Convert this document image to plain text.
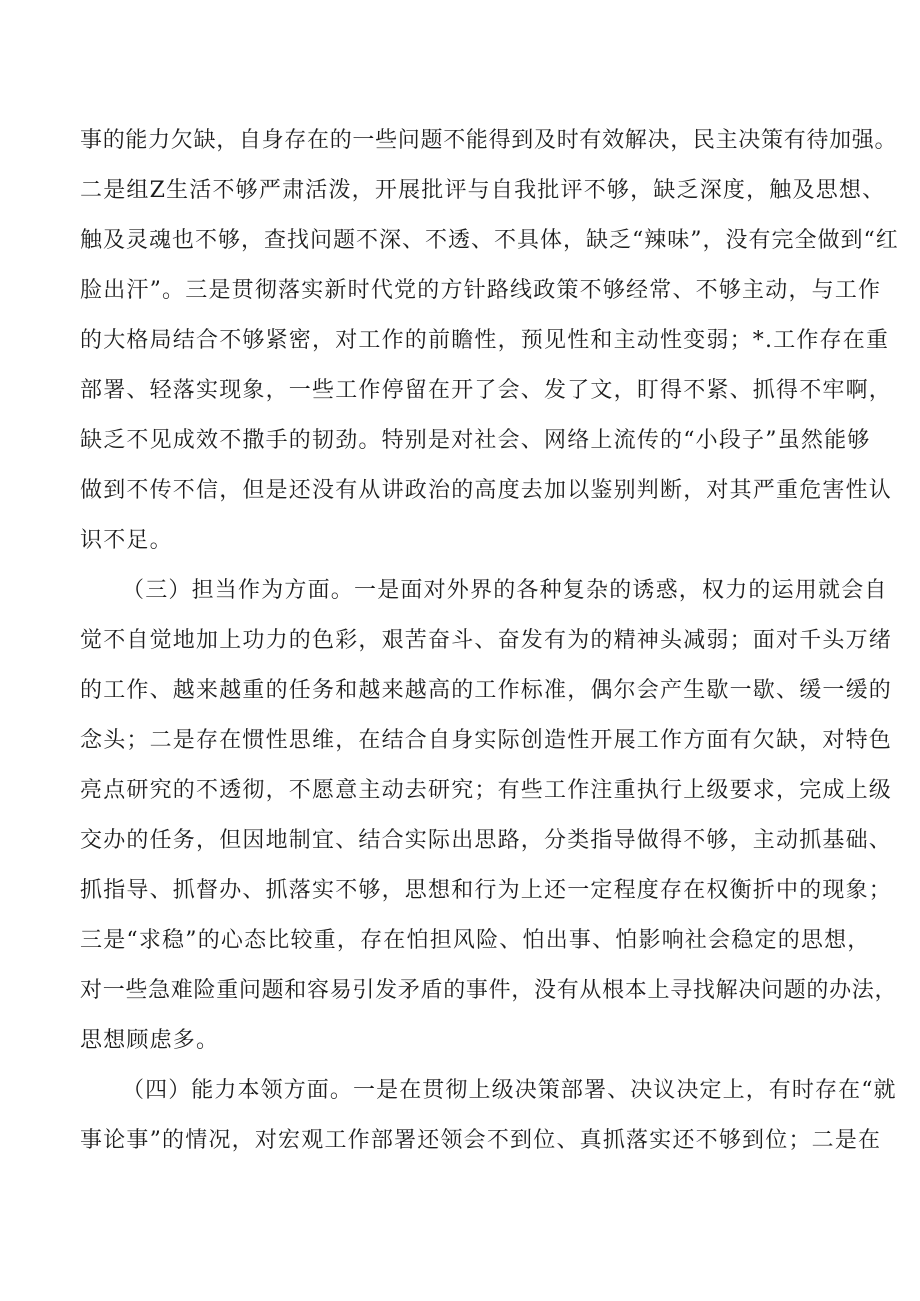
事的能力欠缺，自身存在的一些问题不能得到及时有效解决，民主决策有待加强。
二是组Z生活不够严肃活泼，开展批评与自我批评不够，缺乏深度，触及思想、
触及灵魂也不够，查找问题不深、不透、不具体，缺乏“辣味”，没有完全做到“红
脸出汗”。三是贯彻落实新时代党的方针路线政策不够经常、不够主动，与工作
的大格局结合不够紧密，对工作的前瞻性，预见性和主动性变弱；*.工作存在重
部署、轻落实现象，一些工作停留在开了会、发了文，盯得不紧、抓得不牢啊，
缺乏不见成效不撒手的韧劲。特别是对社会、网络上流传的“小段子”虽然能够
做到不传不信，但是还没有从讲政治的高度去加以鉴别判断，对其严重危害性认
识不足。
（三）担当作为方面。一是面对外界的各种复杂的诱惑，权力的运用就会自
觉不自觉地加上功力的色彩，艰苦奋斗、奋发有为的精神头减弱；面对千头万绪
的工作、越来越重的任务和越来越高的工作标准，偶尔会产生歇一歇、缓一缓的
念头；二是存在惯性思维，在结合自身实际创造性开展工作方面有欠缺，对特色
亮点研究的不透彻，不愿意主动去研究；有些工作注重执行上级要求，完成上级
交办的任务，但因地制宜、结合实际出思路，分类指导做得不够，主动抓基础、
抓指导、抓督办、抓落实不够，思想和行为上还一定程度存在权衡折中的现象；
三是“求稳”的心态比较重，存在怕担风险、怕出事、怕影响社会稳定的思想，
对一些急难险重问题和容易引发矛盾的事件，没有从根本上寻找解决问题的办法，
思想顾虑多。
（四）能力本领方面。一是在贯彻上级决策部署、决议决定上，有时存在“就
事论事”的情况，对宏观工作部署还领会不到位、真抓落实还不够到位；二是在
